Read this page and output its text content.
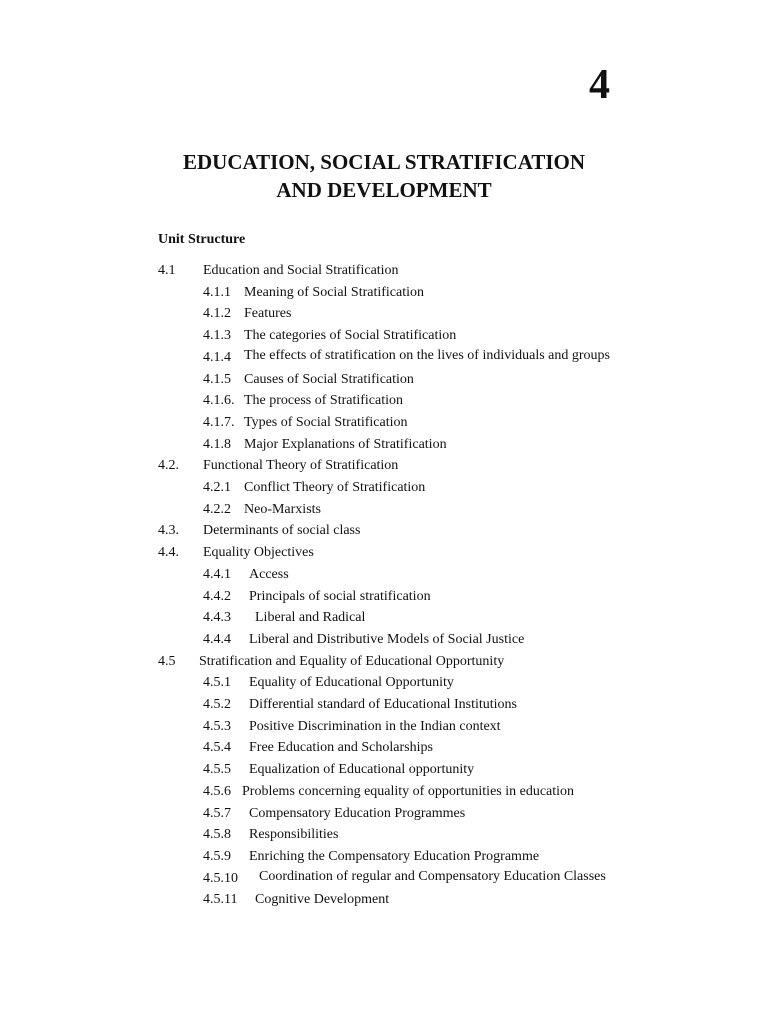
4
EDUCATION, SOCIAL STRATIFICATION
AND DEVELOPMENT
Unit Structure
4.1	Education and Social Stratification
4.1.1 Meaning of Social Stratification
4.1.2 Features
4.1.3 The categories of Social Stratification
4.1.4 The effects of stratification on the lives of individuals and groups
4.1.5 Causes of Social Stratification
4.1.6. The process of Stratification
4.1.7. Types of Social Stratification
4.1.8 Major Explanations of Stratification
4.2.	Functional Theory of Stratification
4.2.1 Conflict Theory of Stratification
4.2.2 Neo-Marxists
4.3.	Determinants of social class
4.4.	Equality Objectives
4.4.1	Access
4.4.2	Principals of social stratification
4.4.3	Liberal and Radical
4.4.4	Liberal and Distributive Models of Social Justice
4.5	Stratification and Equality of Educational Opportunity
4.5.1	Equality of Educational Opportunity
4.5.2	Differential standard of Educational Institutions
4.5.3	Positive Discrimination in the Indian context
4.5.4	Free Education and Scholarships
4.5.5	Equalization of Educational opportunity
4.5.6 Problems concerning equality of opportunities in education
4.5.7	Compensatory Education Programmes
4.5.8	Responsibilities
4.5.9	Enriching the Compensatory Education Programme
4.5.10	Coordination of regular and Compensatory Education Classes
4.5.11	Cognitive Development
